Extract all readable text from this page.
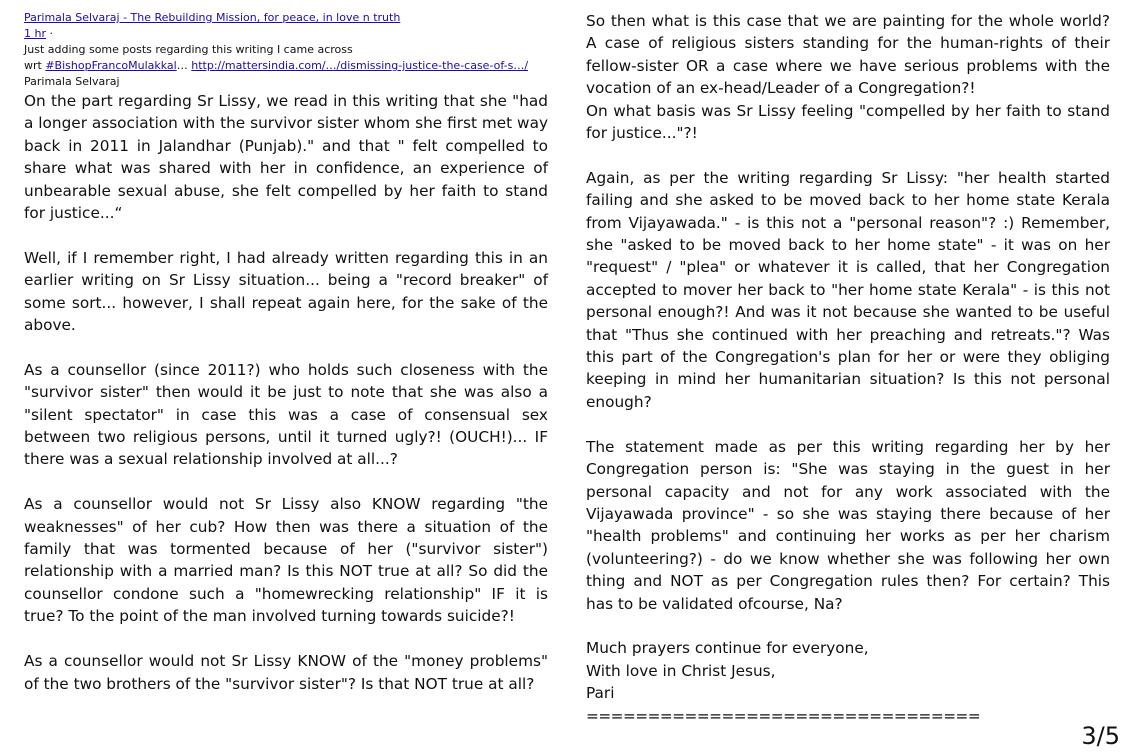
Parimala Selvaraj - The Rebuilding Mission, for peace, in love n truth
1 hr ·
Just adding some posts regarding this writing I came across
wrt #BishopFrancoMulakkal… http://mattersindia.com/…/dismissing-justice-the-case-of-s…/
Parimala Selvaraj

On the part regarding Sr Lissy, we read in this writing that she "had a longer association with the survivor sister whom she first met way back in 2011 in Jalandhar (Punjab)." and that " felt compelled to share what was shared with her in confidence, an experience of unbearable sexual abuse, she felt compelled by her faith to stand for justice...“

Well, if I remember right, I had already written regarding this in an earlier writing on Sr Lissy situation... being a "record breaker" of some sort... however, I shall repeat again here, for the sake of the above.

As a counsellor (since 2011?) who holds such closeness with the "survivor sister" then would it be just to note that she was also a "silent spectator" in case this was a case of consensual sex between two religious persons, until it turned ugly?! (OUCH!)... IF there was a sexual relationship involved at all...?

As a counsellor would not Sr Lissy also KNOW regarding "the weaknesses" of her cub? How then was there a situation of the family that was tormented because of her ("survivor sister") relationship with a married man? Is this NOT true at all? So did the counsellor condone such a "homewrecking relationship" IF it is true? To the point of the man involved turning towards suicide?!

As a counsellor would not Sr Lissy KNOW of the "money problems" of the two brothers of the "survivor sister"? Is that NOT true at all?

So then what is this case that we are painting for the whole world? A case of religious sisters standing for the human-rights of their fellow-sister OR a case where we have serious problems with the vocation of an ex-head/Leader of a Congregation?!

On what basis was Sr Lissy feeling "compelled by her faith to stand for justice..."?!

Again, as per the writing regarding Sr Lissy: "her health started failing and she asked to be moved back to her home state Kerala from Vijayawada." - is this not a "personal reason"? :) Remember, she "asked to be moved back to her home state" - it was on her "request" / "plea" or whatever it is called, that her Congregation accepted to mover her back to "her home state Kerala" - is this not personal enough?! And was it not because she wanted to be useful that "Thus she continued with her preaching and retreats."? Was this part of the Congregation's plan for her or were they obliging keeping in mind her humanitarian situation? Is this not personal enough?

The statement made as per this writing regarding her by her Congregation person is: "She was staying in the guest in her personal capacity and not for any work associated with the Vijayawada province" - so she was staying there because of her "health problems" and continuing her works as per her charism (volunteering?) - do we know whether she was following her own thing and NOT as per Congregation rules then? For certain? This has to be validated ofcourse, Na?

Much prayers continue for everyone,

With love in Christ Jesus,

Pari

================================
3/5
